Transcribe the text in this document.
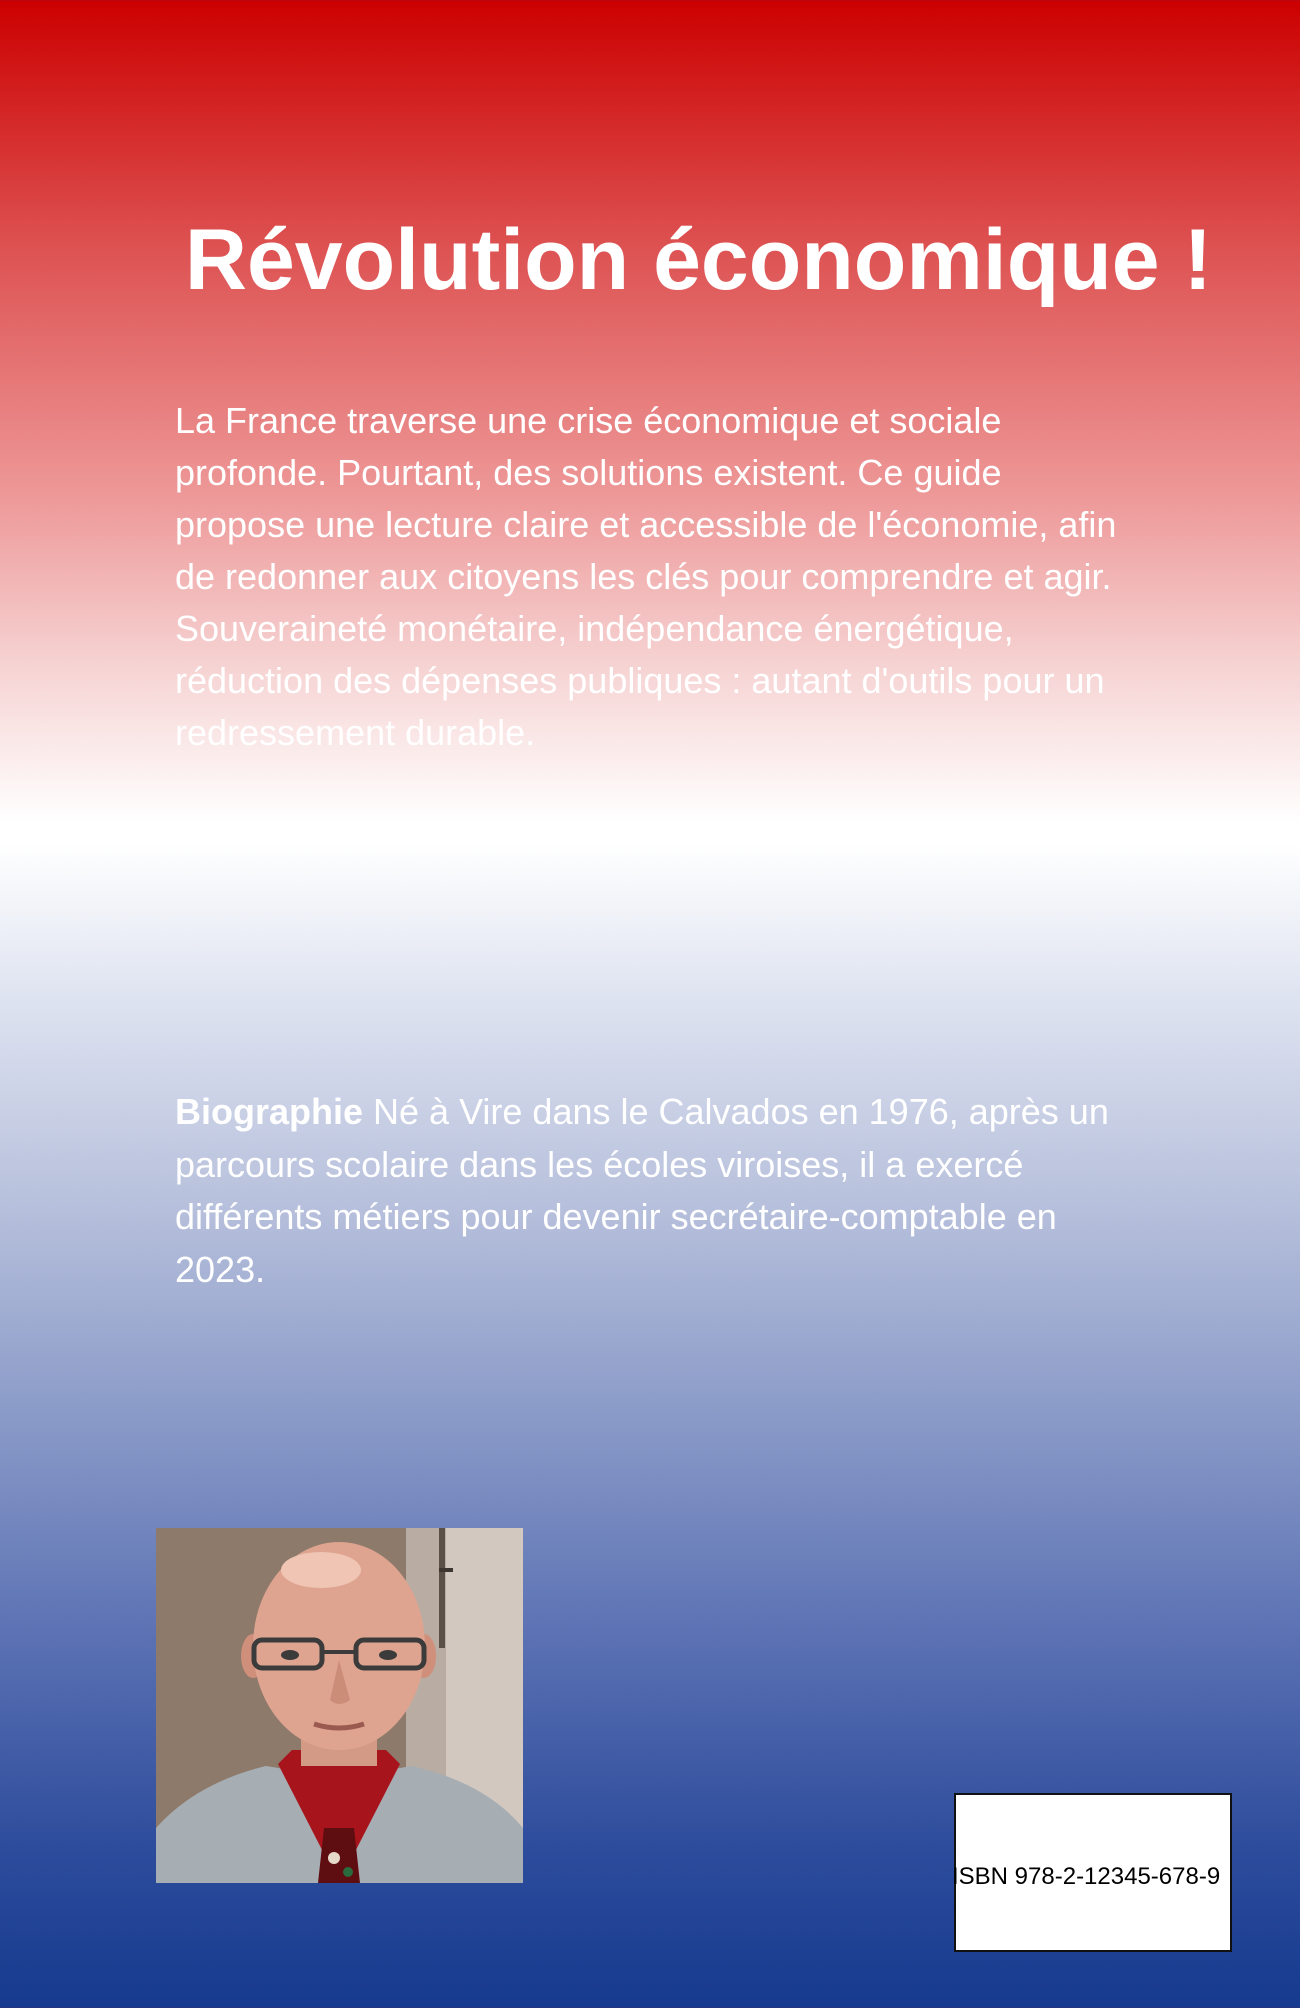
Révolution économique !

La France traverse une crise économique et sociale profonde. Pourtant, des solutions existent. Ce guide propose une lecture claire et accessible de l'économie, afin de redonner aux citoyens les clés pour comprendre et agir. Souveraineté monétaire, indépendance énergétique, réduction des dépenses publiques : autant d'outils pour un redressement durable.

Biographie Né à Vire dans le Calvados en 1976, après un parcours scolaire dans les écoles viroises, il a exercé différents métiers pour devenir secrétaire-comptable en 2023.

ISBN 978-2-12345-678-9
